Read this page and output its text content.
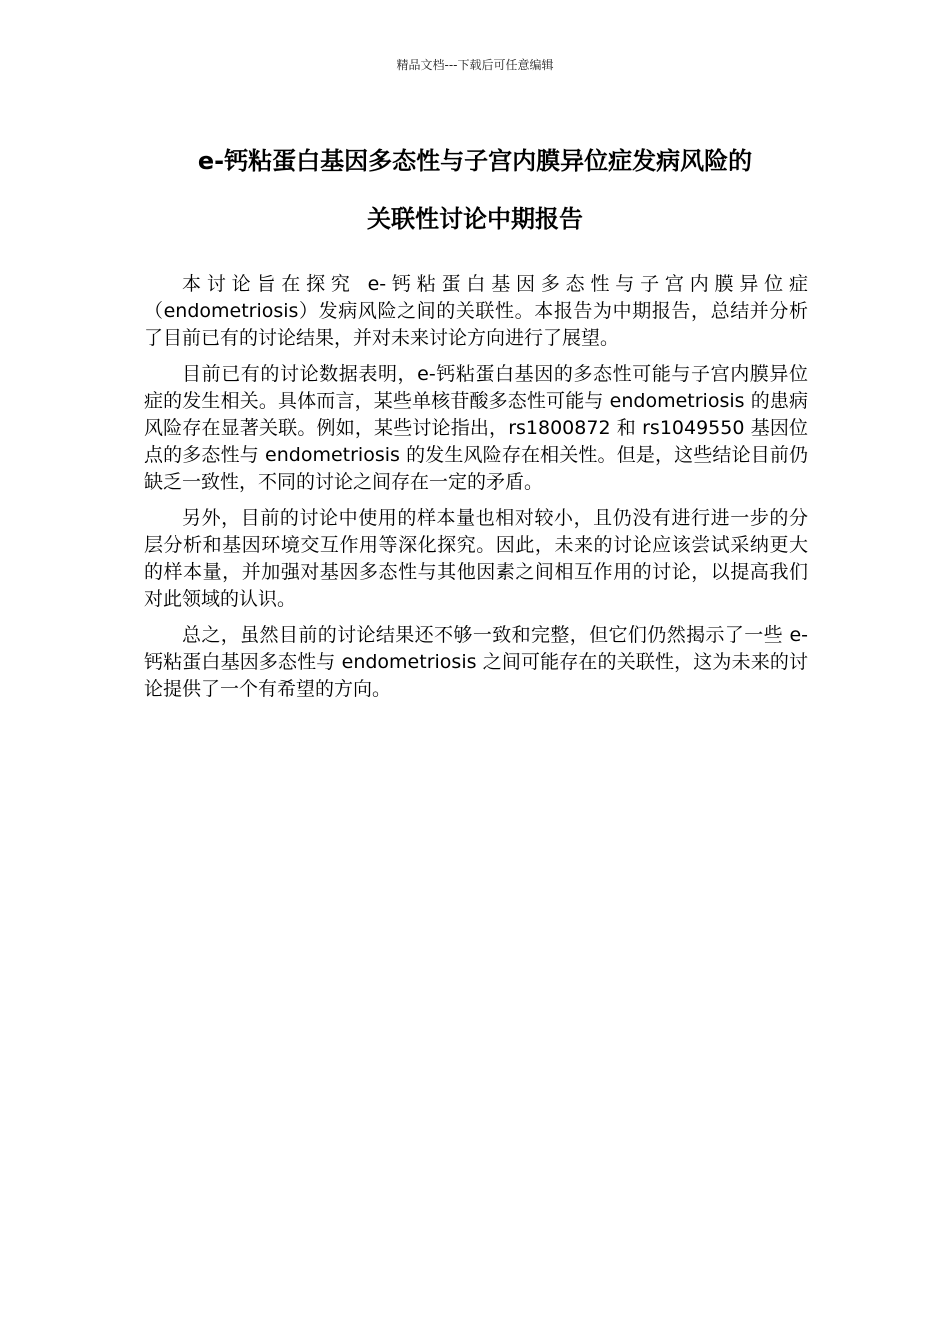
精品文档---下载后可任意编辑
e-钙粘蛋白基因多态性与子宫内膜异位症发病风险的
关联性讨论中期报告

本讨论旨在探究 e-钙粘蛋白基因多态性与子宫内膜异位症（endometriosis）发病风险之间的关联性。本报告为中期报告，总结并分析了目前已有的讨论结果，并对未来讨论方向进行了展望。

目前已有的讨论数据表明，e-钙粘蛋白基因的多态性可能与子宫内膜异位症的发生相关。具体而言，某些单核苷酸多态性可能与 endometriosis 的患病风险存在显著关联。例如，某些讨论指出，rs1800872 和 rs1049550 基因位点的多态性与 endometriosis 的发生风险存在相关性。但是，这些结论目前仍缺乏一致性，不同的讨论之间存在一定的矛盾。

另外，目前的讨论中使用的样本量也相对较小，且仍没有进行进一步的分层分析和基因环境交互作用等深化探究。因此，未来的讨论应该尝试采纳更大的样本量，并加强对基因多态性与其他因素之间相互作用的讨论，以提高我们对此领域的认识。

总之，虽然目前的讨论结果还不够一致和完整，但它们仍然揭示了一些 e-钙粘蛋白基因多态性与 endometriosis 之间可能存在的关联性，这为未来的讨论提供了一个有希望的方向。
